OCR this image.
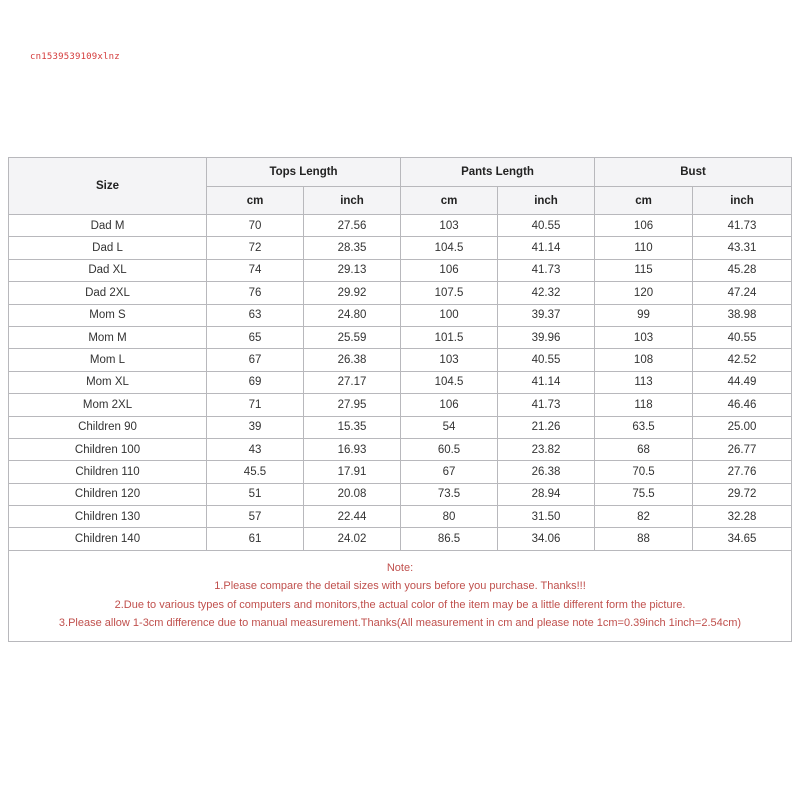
cn1539539109xlnz
Size	Tops Length		Pants Length		Bust	
	cm	inch	cm	inch	cm	inch
Dad M	70	27.56	103	40.55	106	41.73
Dad L	72	28.35	104.5	41.14	110	43.31
Dad XL	74	29.13	106	41.73	115	45.28
Dad 2XL	76	29.92	107.5	42.32	120	47.24
Mom S	63	24.80	100	39.37	99	38.98
Mom M	65	25.59	101.5	39.96	103	40.55
Mom L	67	26.38	103	40.55	108	42.52
Mom XL	69	27.17	104.5	41.14	113	44.49
Mom 2XL	71	27.95	106	41.73	118	46.46
Children 90	39	15.35	54	21.26	63.5	25.00
Children 100	43	16.93	60.5	23.82	68	26.77
Children 110	45.5	17.91	67	26.38	70.5	27.76
Children 120	51	20.08	73.5	28.94	75.5	29.72
Children 130	57	22.44	80	31.50	82	32.28
Children 140	61	24.02	86.5	34.06	88	34.65

Note:
1.Please compare the detail sizes with yours before you purchase. Thanks!!!
2.Due to various types of computers and monitors,the actual color of the item may be a little different form the picture.
3.Please allow 1-3cm difference due to manual measurement.Thanks(All measurement in cm and please note 1cm=0.39inch 1inch=2.54cm)						
